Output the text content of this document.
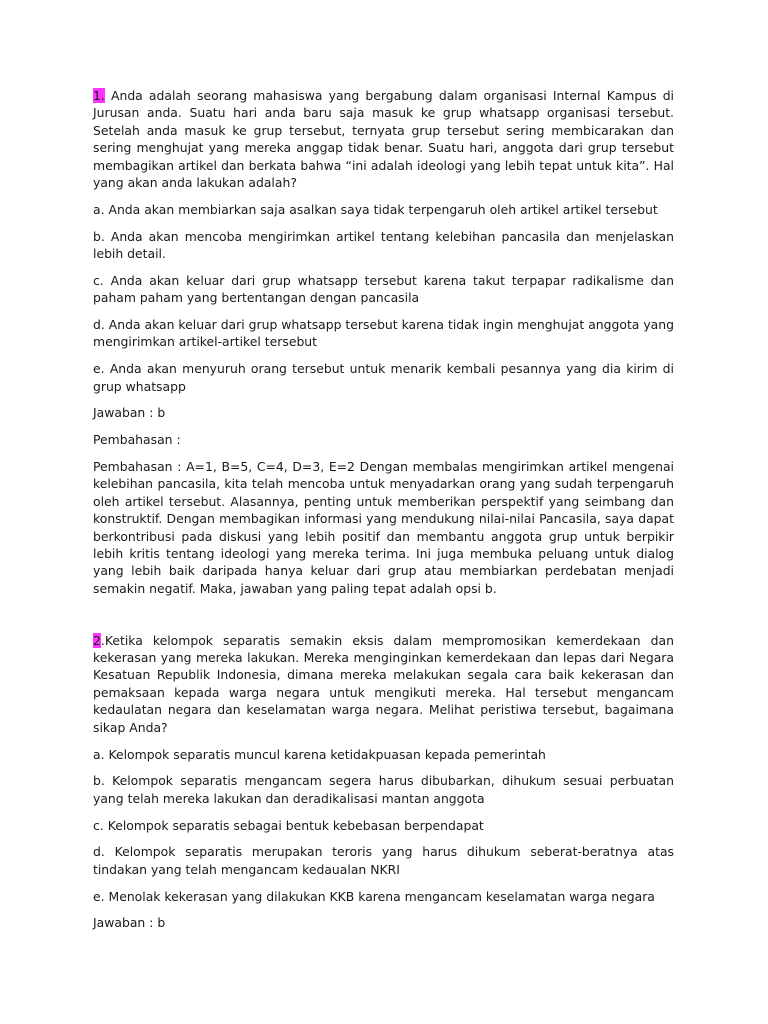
1. Anda adalah seorang mahasiswa yang bergabung dalam organisasi Internal Kampus di Jurusan anda. Suatu hari anda baru saja masuk ke grup whatsapp organisasi tersebut. Setelah anda masuk ke grup tersebut, ternyata grup tersebut sering membicarakan dan sering menghujat yang mereka anggap tidak benar. Suatu hari, anggota dari grup tersebut membagikan artikel dan berkata bahwa “ini adalah ideologi yang lebih tepat untuk kita”. Hal yang akan anda lakukan adalah?

a. Anda akan membiarkan saja asalkan saya tidak terpengaruh oleh artikel artikel tersebut

b. Anda akan mencoba mengirimkan artikel tentang kelebihan pancasila dan menjelaskan lebih detail.

c. Anda akan keluar dari grup whatsapp tersebut karena takut terpapar radikalisme dan paham paham yang bertentangan dengan pancasila

d. Anda akan keluar dari grup whatsapp tersebut karena tidak ingin menghujat anggota yang mengirimkan artikel-artikel tersebut

e. Anda akan menyuruh orang tersebut untuk menarik kembali pesannya yang dia kirim di grup whatsapp

Jawaban : b

Pembahasan :

Pembahasan : A=1, B=5, C=4, D=3, E=2 Dengan membalas mengirimkan artikel mengenai kelebihan pancasila, kita telah mencoba untuk menyadarkan orang yang sudah terpengaruh oleh artikel tersebut. Alasannya, penting untuk memberikan perspektif yang seimbang dan konstruktif. Dengan membagikan informasi yang mendukung nilai-nilai Pancasila, saya dapat berkontribusi pada diskusi yang lebih positif dan membantu anggota grup untuk berpikir lebih kritis tentang ideologi yang mereka terima. Ini juga membuka peluang untuk dialog yang lebih baik daripada hanya keluar dari grup atau membiarkan perdebatan menjadi semakin negatif. Maka, jawaban yang paling tepat adalah opsi b.

2.Ketika kelompok separatis semakin eksis dalam mempromosikan kemerdekaan dan kekerasan yang mereka lakukan. Mereka menginginkan kemerdekaan dan lepas dari Negara Kesatuan Republik Indonesia, dimana mereka melakukan segala cara baik kekerasan dan pemaksaan kepada warga negara untuk mengikuti mereka. Hal tersebut mengancam kedaulatan negara dan keselamatan warga negara. Melihat peristiwa tersebut, bagaimana sikap Anda?

a. Kelompok separatis muncul karena ketidakpuasan kepada pemerintah

b. Kelompok separatis mengancam segera harus dibubarkan, dihukum sesuai perbuatan yang telah mereka lakukan dan deradikalisasi mantan anggota

c. Kelompok separatis sebagai bentuk kebebasan berpendapat

d. Kelompok separatis merupakan teroris yang harus dihukum seberat-beratnya atas tindakan yang telah mengancam kedaualan NKRI

e. Menolak kekerasan yang dilakukan KKB karena mengancam keselamatan warga negara

Jawaban : b
